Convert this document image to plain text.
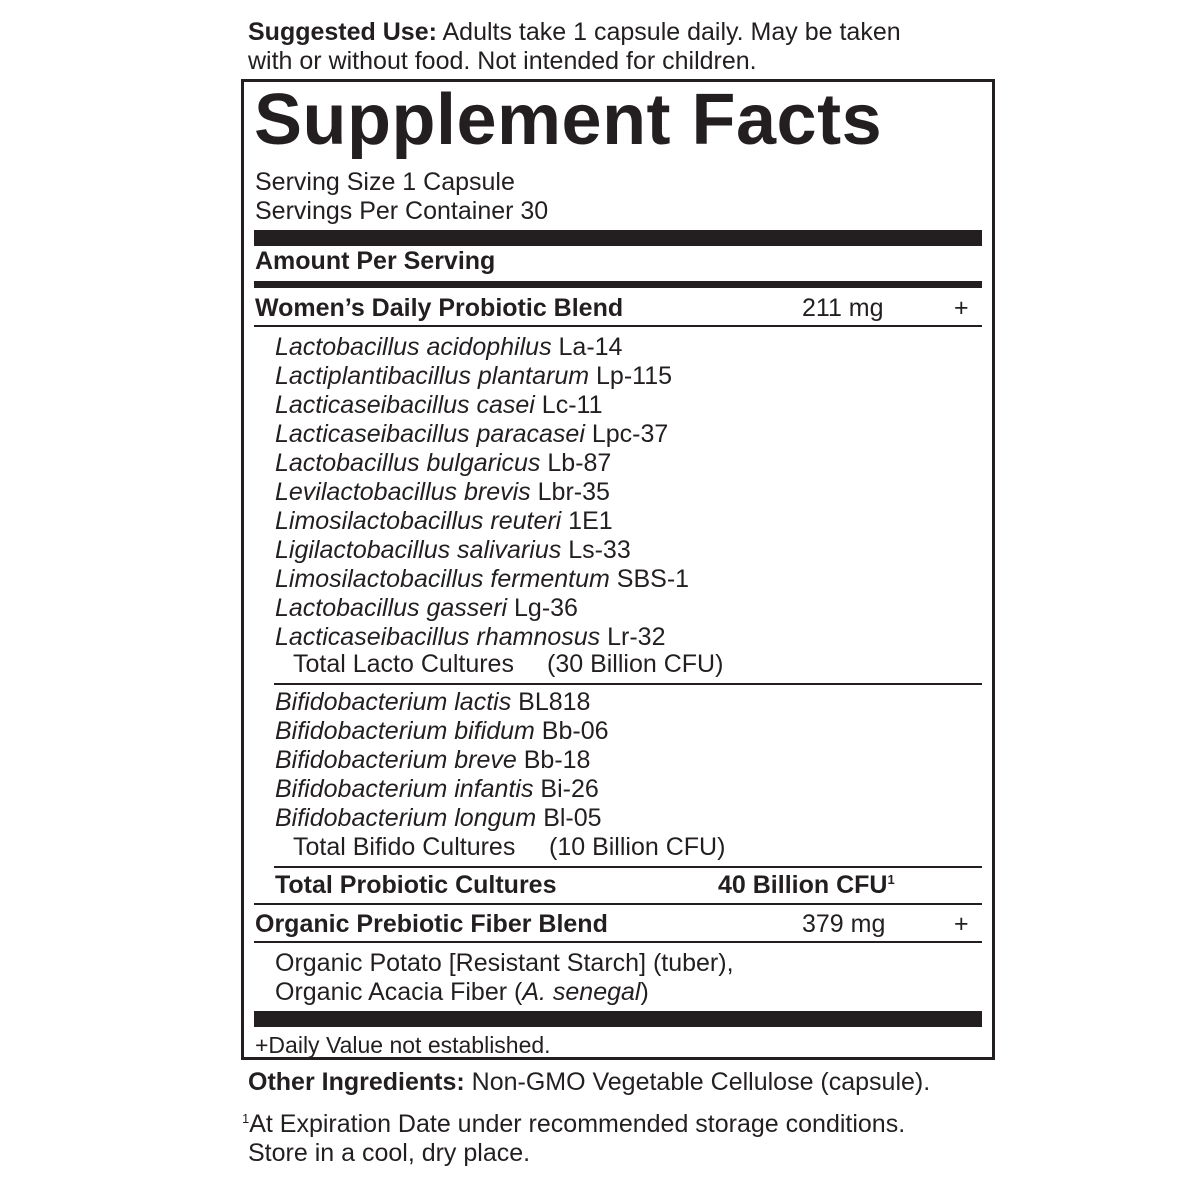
Suggested Use: Adults take 1 capsule daily. May be taken
with or without food. Not intended for children.
Supplement Facts
Serving Size 1 Capsule
Servings Per Container 30
Amount Per Serving
Women’s Daily Probiotic Blend	211 mg	+
Lactobacillus acidophilus La-14
Lactiplantibacillus plantarum Lp-115
Lacticaseibacillus casei Lc-11
Lacticaseibacillus paracasei Lpc-37
Lactobacillus bulgaricus Lb-87
Levilactobacillus brevis Lbr-35
Limosilactobacillus reuteri 1E1
Ligilactobacillus salivarius Ls-33
Limosilactobacillus fermentum SBS-1
Lactobacillus gasseri Lg-36
Lacticaseibacillus rhamnosus Lr-32
Total Lacto Cultures (30 Billion CFU)
Bifidobacterium lactis BL818
Bifidobacterium bifidum Bb-06
Bifidobacterium breve Bb-18
Bifidobacterium infantis Bi-26
Bifidobacterium longum Bl-05
Total Bifido Cultures (10 Billion CFU)
Total Probiotic Cultures	40 Billion CFU$^1$
Organic Prebiotic Fiber Blend	379 mg	+
Organic Potato [Resistant Starch] (tuber),
Organic Acacia Fiber (A. senegal)
+Daily Value not established.
Other Ingredients: Non-GMO Vegetable Cellulose (capsule).
$^1$At Expiration Date under recommended storage conditions.
Store in a cool, dry place.
